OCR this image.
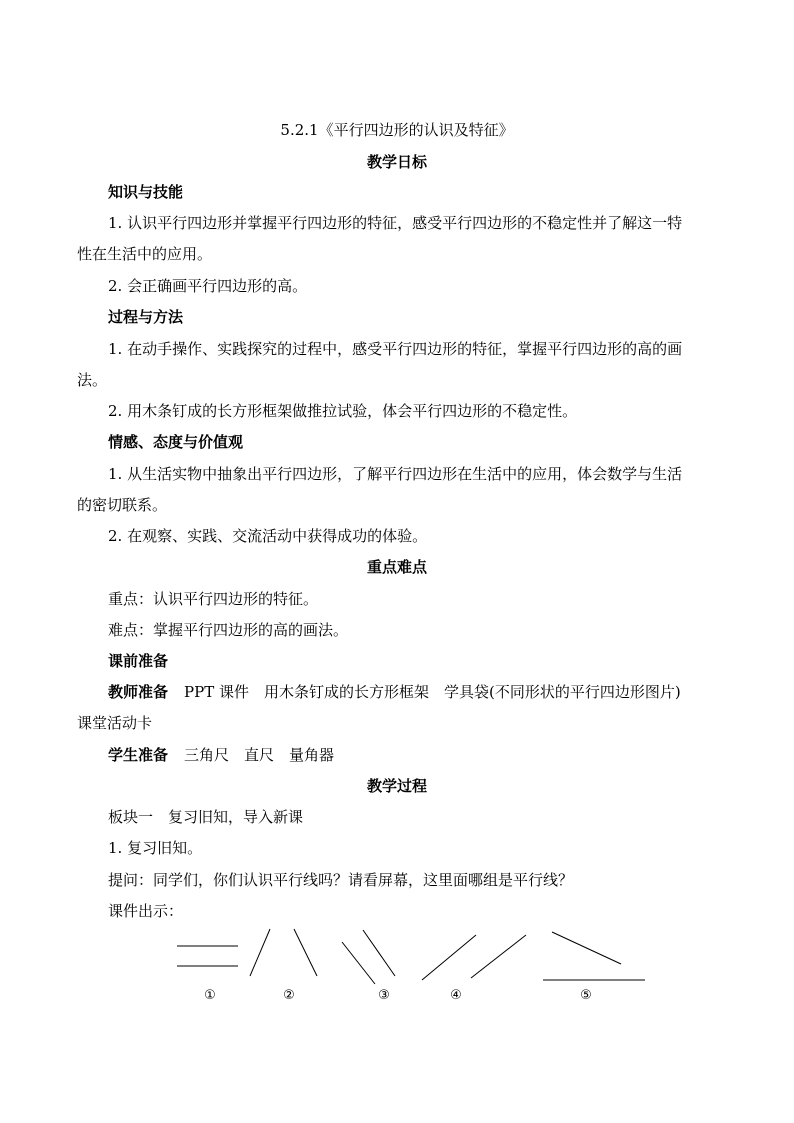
5.2.1《平行四边形的认识及特征》
教学日标
知识与技能
1. 认识平行四边形并掌握平行四边形的特征，感受平行四边形的不稳定性并了解这一特
性在生活中的应用。
2. 会正确画平行四边形的高。
过程与方法
1. 在动手操作、实践探究的过程中，感受平行四边形的特征，掌握平行四边形的高的画
法。
2. 用木条钉成的长方形框架做推拉试验，体会平行四边形的不稳定性。
情感、态度与价值观
1. 从生活实物中抽象出平行四边形，了解平行四边形在生活中的应用，体会数学与生活
的密切联系。
2. 在观察、实践、交流活动中获得成功的体验。
重点难点
重点：认识平行四边形的特征。
难点：掌握平行四边形的高的画法。
课前准备
教师准备 PPT 课件　用木条钉成的长方形框架　学具袋(不同形状的平行四边形图片)
课堂活动卡
学生准备 三角尺　直尺　量角器
教学过程
板块一　复习旧知，导入新课
1. 复习旧知。
提问：同学们，你们认识平行线吗？请看屏幕，这里面哪组是平行线？
课件出示：
①	②	③	④	⑤
